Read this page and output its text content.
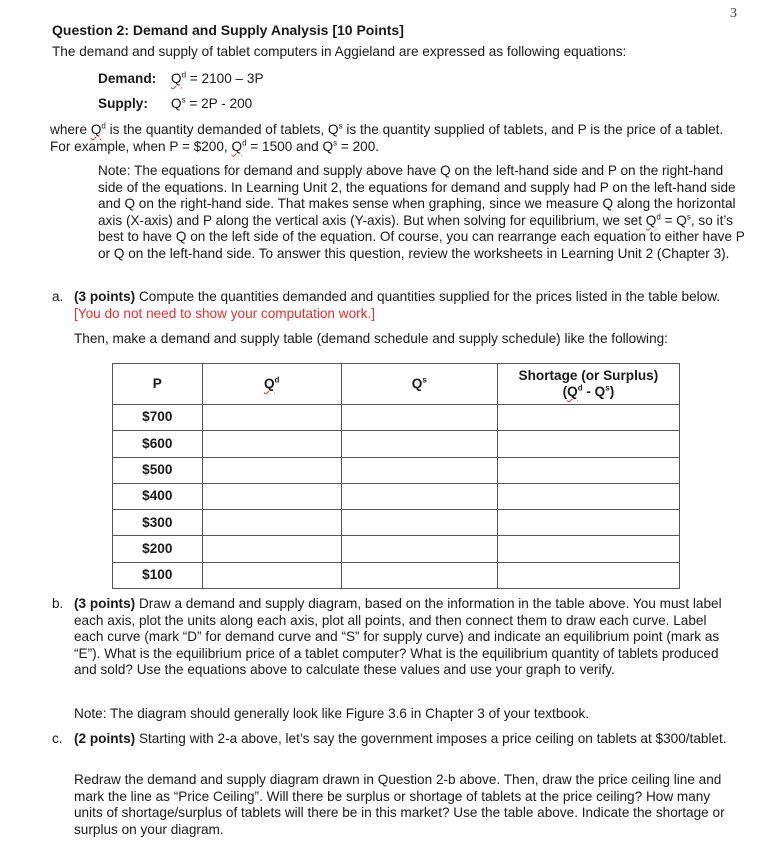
3
Question 2: Demand and Supply Analysis [10 Points]
The demand and supply of tablet computers in Aggieland are expressed as following equations:
Demand: $Q^d = 2100 - 3P$
Supply: $Q^s = 2P - 200$
where $Q^d$ is the quantity demanded of tablets, $Q^s$ is the quantity supplied of tablets, and P is the price of a tablet. For example, when P = $200, $Q^d = 1500$ and $Q^s = 200$.
Note: The equations for demand and supply above have Q on the left-hand side and P on the right-hand side of the equations. In Learning Unit 2, the equations for demand and supply had P on the left-hand side and Q on the right-hand side. That makes sense when graphing, since we measure Q along the horizontal axis (X-axis) and P along the vertical axis (Y-axis). But when solving for equilibrium, we set $Q^d = Q^s$, so it’s best to have Q on the left side of the equation. Of course, you can rearrange each equation to either have P or Q on the left-hand side. To answer this question, review the worksheets in Learning Unit 2 (Chapter 3).
a. (3 points) Compute the quantities demanded and quantities supplied for the prices listed in the table below. [You do not need to show your computation work.]
Then, make a demand and supply table (demand schedule and supply schedule) like the following:
P	$Q^d$	$Q^s$	Shortage (or Surplus)
$(Q^d - Q^s)$
$700			
$600			
$500			
$400			
$300			
$200			
$100			
b. (3 points) Draw a demand and supply diagram, based on the information in the table above. You must label each axis, plot the units along each axis, plot all points, and then connect them to draw each curve. Label each curve (mark “D” for demand curve and “S” for supply curve) and indicate an equilibrium point (mark as “E”). What is the equilibrium price of a tablet computer? What is the equilibrium quantity of tablets produced and sold? Use the equations above to calculate these values and use your graph to verify.
Note: The diagram should generally look like Figure 3.6 in Chapter 3 of your textbook.
c. (2 points) Starting with 2-a above, let’s say the government imposes a price ceiling on tablets at $300/tablet.
Redraw the demand and supply diagram drawn in Question 2-b above. Then, draw the price ceiling line and mark the line as “Price Ceiling”. Will there be surplus or shortage of tablets at the price ceiling? How many units of shortage/surplus of tablets will there be in this market? Use the table above. Indicate the shortage or surplus on your diagram.
